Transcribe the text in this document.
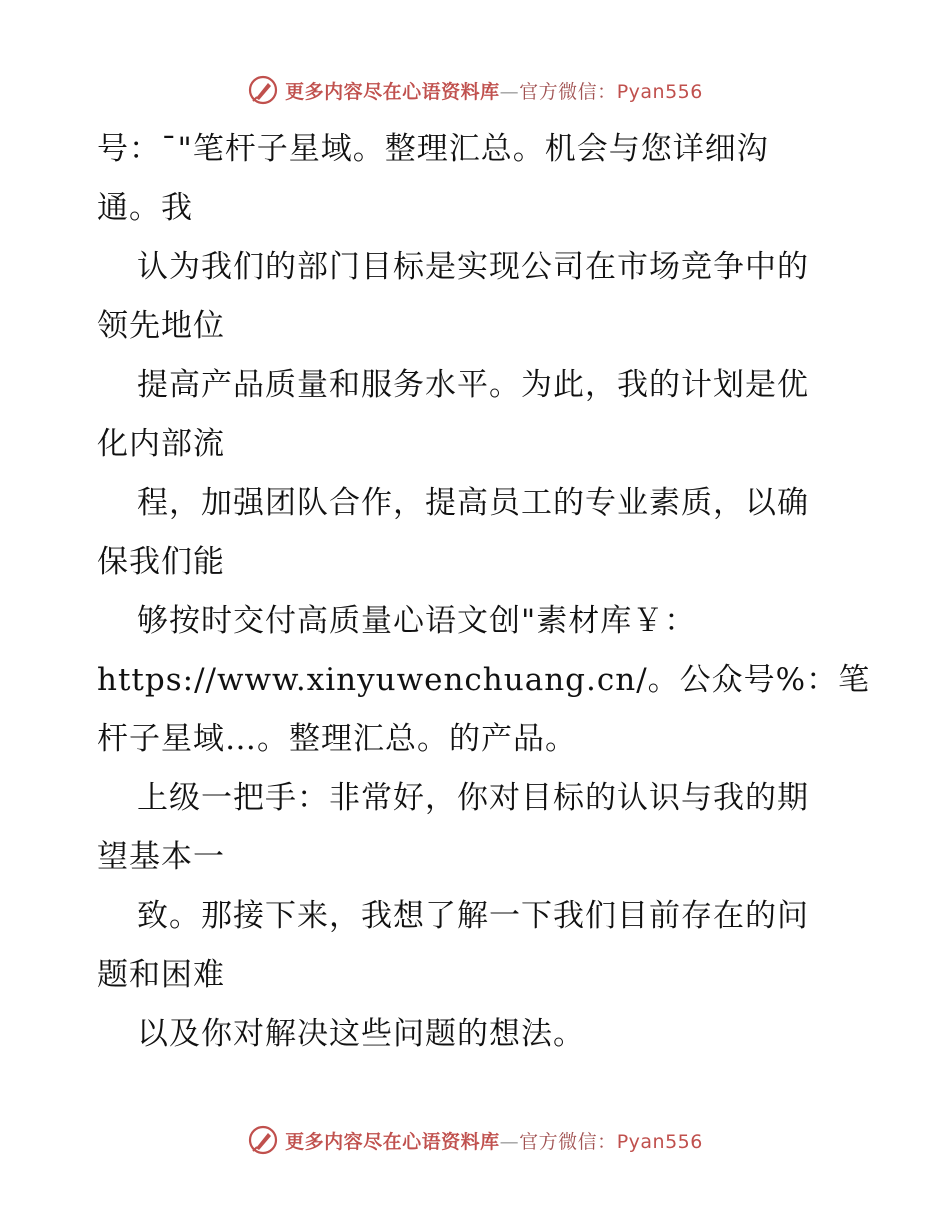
更多内容尽在心语资料库—官方微信：Pyan556
号：¯"笔杆子星域。整理汇总。机会与您详细沟
通。我
认为我们的部门目标是实现公司在市场竞争中的
领先地位
提高产品质量和服务水平。为此，我的计划是优
化内部流
程，加强团队合作，提高员工的专业素质，以确
保我们能
够按时交付高质量心语文创"素材库￥：
https://www.xinyuwenchuang.cn/。公众号%：笔
杆子星域…。整理汇总。的产品。
上级一把手：非常好，你对目标的认识与我的期
望基本一
致。那接下来，我想了解一下我们目前存在的问
题和困难
以及你对解决这些问题的想法。
更多内容尽在心语资料库—官方微信：Pyan556
